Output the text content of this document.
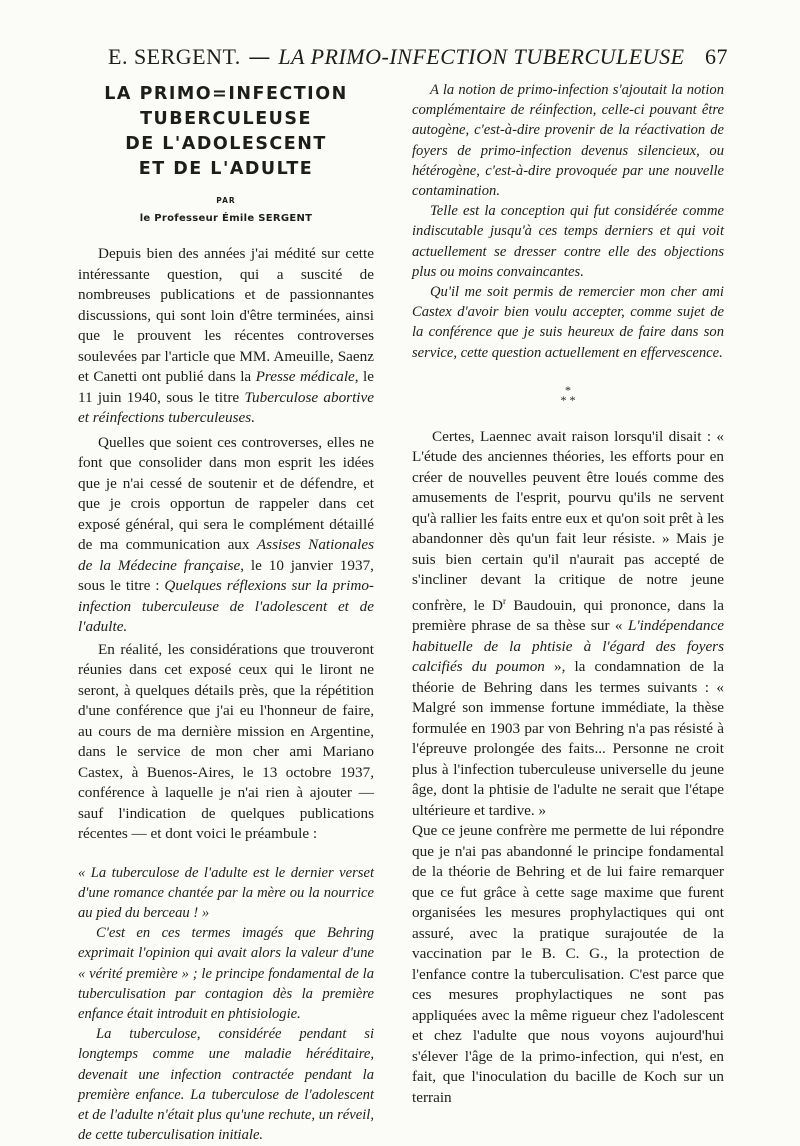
E. SERGENT. — LA PRIMO-INFECTION TUBERCULEUSE 67
LA PRIMO=INFECTION
TUBERCULEUSE
DE L'ADOLESCENT
ET DE L'ADULTE
PAR
le Professeur Émile SERGENT

Depuis bien des années j'ai médité sur cette intéressante question, qui a suscité de nombreuses publications et de passionnantes discussions, qui sont loin d'être terminées, ainsi que le prouvent les récentes controverses soulevées par l'article que MM. Ameuille, Saenz et Canetti ont publié dans la Presse médicale, le 11 juin 1940, sous le titre Tuberculose abortive et réinfections tuberculeuses.

Quelles que soient ces controverses, elles ne font que consolider dans mon esprit les idées que je n'ai cessé de soutenir et de défendre, et que je crois opportun de rappeler dans cet exposé général, qui sera le complément détaillé de ma communication aux Assises Nationales de la Médecine française, le 10 janvier 1937, sous le titre : Quelques réflexions sur la primo-infection tuberculeuse de l'adolescent et de l'adulte.

En réalité, les considérations que trouveront réunies dans cet exposé ceux qui le liront ne seront, à quelques détails près, que la répétition d'une conférence que j'ai eu l'honneur de faire, au cours de ma dernière mission en Argentine, dans le service de mon cher ami Mariano Castex, à Buenos-Aires, le 13 octobre 1937, conférence à laquelle je n'ai rien à ajouter — sauf l'indication de quelques publications récentes — et dont voici le préambule :

« La tuberculose de l'adulte est le dernier verset d'une romance chantée par la mère ou la nourrice au pied du berceau ! »

C'est en ces termes imagés que Behring exprimait l'opinion qui avait alors la valeur d'une « vérité première » ; le principe fondamental de la tuberculisation par contagion dès la première enfance était introduit en phtisiologie.

La tuberculose, considérée pendant si longtemps comme une maladie héréditaire, devenait une infection contractée pendant la première enfance. La tuberculose de l'adolescent et de l'adulte n'était plus qu'une rechute, un réveil, de cette tuberculisation initiale.

A la notion de primo-infection s'ajoutait la notion complémentaire de réinfection, celle-ci pouvant être autogène, c'est-à-dire provenir de la réactivation de foyers de primo-infection devenus silencieux, ou hétérogène, c'est-à-dire provoquée par une nouvelle contamination.

Telle est la conception qui fut considérée comme indiscutable jusqu'à ces temps derniers et qui voit actuellement se dresser contre elle des objections plus ou moins convaincantes.

Qu'il me soit permis de remercier mon cher ami Castex d'avoir bien voulu accepter, comme sujet de la conférence que je suis heureux de faire dans son service, cette question actuellement en effervescence.

*
* *

Certes, Laennec avait raison lorsqu'il disait : « L'étude des anciennes théories, les efforts pour en créer de nouvelles peuvent être loués comme des amusements de l'esprit, pourvu qu'ils ne servent qu'à rallier les faits entre eux et qu'on soit prêt à les abandonner dès qu'un fait leur résiste. » Mais je suis bien certain qu'il n'aurait pas accepté de s'incliner devant la critique de notre jeune confrère, le $D^r$ Baudouin, qui prononce, dans la première phrase de sa thèse sur « L'indépendance habituelle de la phtisie à l'égard des foyers calcifiés du poumon », la condamnation de la théorie de Behring dans les termes suivants : « Malgré son immense fortune immédiate, la thèse formulée en 1903 par von Behring n'a pas résisté à l'épreuve prolongée des faits... Personne ne croit plus à l'infection tuberculeuse universelle du jeune âge, dont la phtisie de l'adulte ne serait que l'étape ultérieure et tardive. »

Que ce jeune confrère me permette de lui répondre que je n'ai pas abandonné le principe fondamental de la théorie de Behring et de lui faire remarquer que ce fut grâce à cette sage maxime que furent organisées les mesures prophylactiques qui ont assuré, avec la pratique surajoutée de la vaccination par le B. C. G., la protection de l'enfance contre la tuberculisation. C'est parce que ces mesures prophylactiques ne sont pas appliquées avec la même rigueur chez l'adolescent et chez l'adulte que nous voyons aujourd'hui s'élever l'âge de la primo-infection, qui n'est, en fait, que l'inoculation du bacille de Koch sur un terrain
